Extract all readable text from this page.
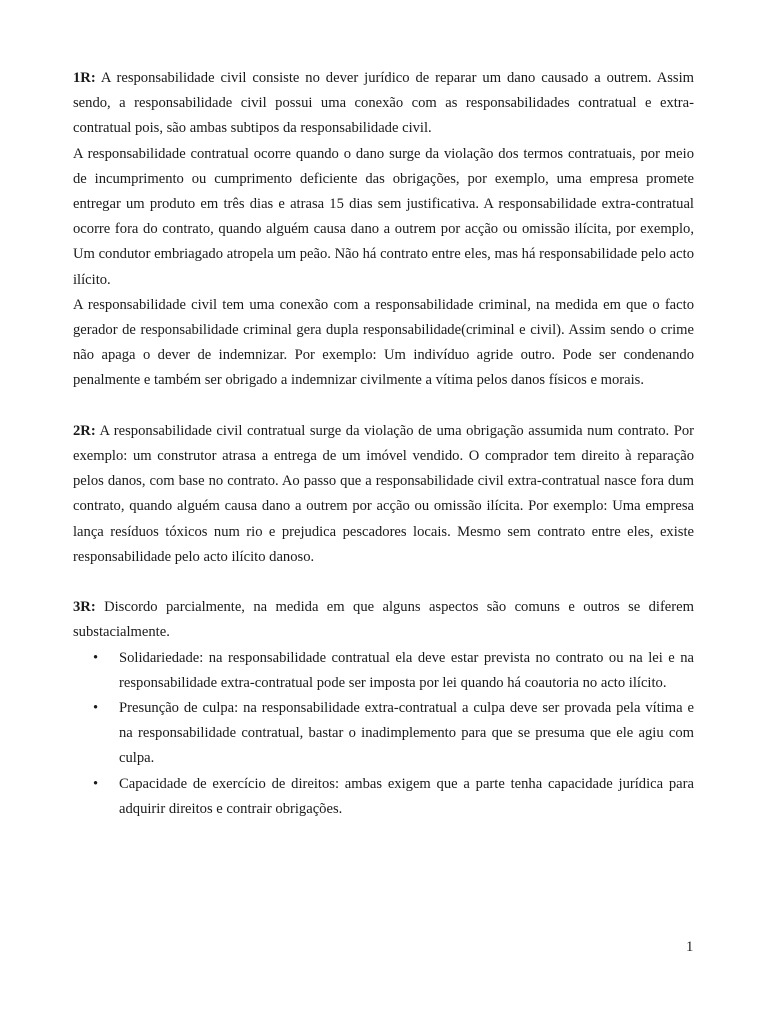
1R: A responsabilidade civil consiste no dever jurídico de reparar um dano causado a outrem. Assim sendo, a responsabilidade civil possui uma conexão com as responsabilidades contratual e extra-contratual pois, são ambas subtipos da responsabilidade civil.

A responsabilidade contratual ocorre quando o dano surge da violação dos termos contratuais, por meio de incumprimento ou cumprimento deficiente das obrigações, por exemplo, uma empresa promete entregar um produto em três dias e atrasa 15 dias sem justificativa. A responsabilidade extra-contratual ocorre fora do contrato, quando alguém causa dano a outrem por acção ou omissão ilícita, por exemplo, Um condutor embriagado atropela um peão. Não há contrato entre eles, mas há responsabilidade pelo acto ilícito.

A responsabilidade civil tem uma conexão com a responsabilidade criminal, na medida em que o facto gerador de responsabilidade criminal gera dupla responsabilidade(criminal e civil). Assim sendo o crime não apaga o dever de indemnizar. Por exemplo: Um indivíduo agride outro. Pode ser condenando penalmente e também ser obrigado a indemnizar civilmente a vítima pelos danos físicos e morais.

2R: A responsabilidade civil contratual surge da violação de uma obrigação assumida num contrato. Por exemplo: um construtor atrasa a entrega de um imóvel vendido. O comprador tem direito à reparação pelos danos, com base no contrato. Ao passo que a responsabilidade civil extra-contratual nasce fora dum contrato, quando alguém causa dano a outrem por acção ou omissão ilícita. Por exemplo: Uma empresa lança resíduos tóxicos num rio e prejudica pescadores locais. Mesmo sem contrato entre eles, existe responsabilidade pelo acto ilícito danoso.

3R: Discordo parcialmente, na medida em que alguns aspectos são comuns e outros se diferem substacialmente.

• Solidariedade: na responsabilidade contratual ela deve estar prevista no contrato ou na lei e na responsabilidade extra-contratual pode ser imposta por lei quando há coautoria no acto ilícito.
• Presunção de culpa: na responsabilidade extra-contratual a culpa deve ser provada pela vítima e na responsabilidade contratual, bastar o inadimplemento para que se presuma que ele agiu com culpa.
• Capacidade de exercício de direitos: ambas exigem que a parte tenha capacidade jurídica para adquirir direitos e contrair obrigações.
1
